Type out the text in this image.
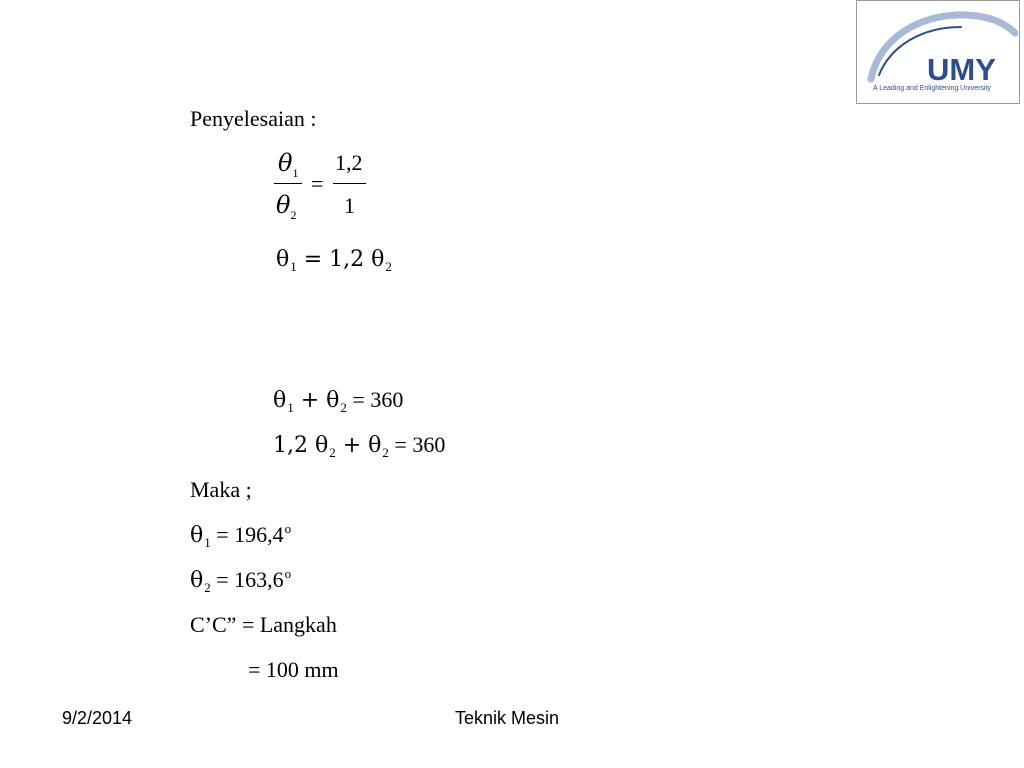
UMY
A Leading and Enlightening University
Penyelesaian :
$\theta_1$
$\theta_2$
=
1,2
1
$\theta_1 = 1,2$ $\theta_2$
$\theta_1 + \theta_2 = 360$
1,2 $\theta_2 + \theta_2 = 360$
Maka ;
$\theta_1 = 196,4^o$
$\theta_2 = 163,6^o$
C’C” = Langkah
= 100 mm
9/2/2014	Teknik Mesin
